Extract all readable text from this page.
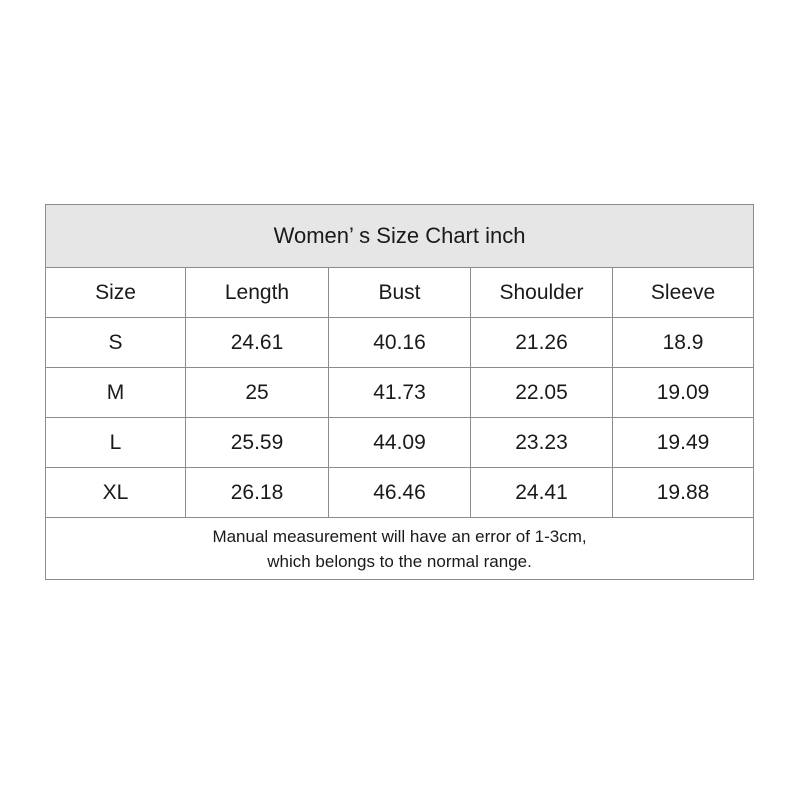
Women’ s Size Chart inch				
Size	Length	Bust	Shoulder	Sleeve
S	24.61	40.16	21.26	18.9
M	25	41.73	22.05	19.09
L	25.59	44.09	23.23	19.49
XL	26.18	46.46	24.41	19.88

Manual measurement will have an error of 1-3cm,
which belongs to the normal range.				
